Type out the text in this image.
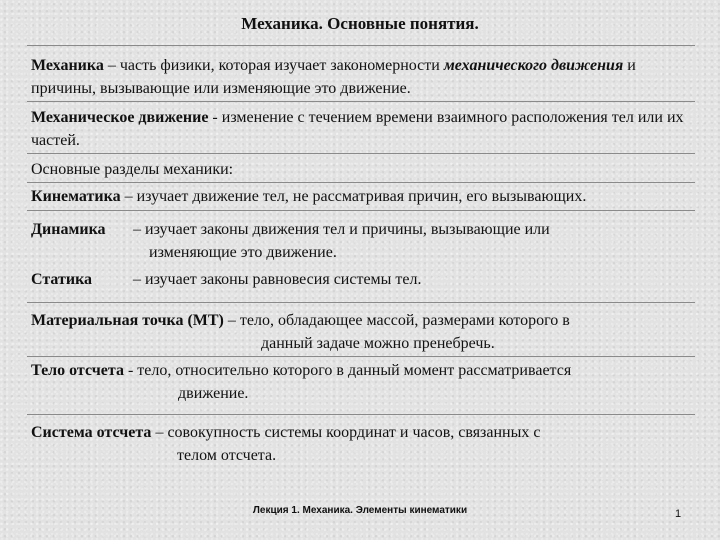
Механика. Основные понятия.
Механика – часть физики, которая изучает закономерности механического движения и причины, вызывающие или изменяющие это движение.
Механическое движение - изменение с течением времени взаимного расположения тел или их частей.
Основные разделы механики:
Кинематика – изучает движение тел, не рассматривая причин, его вызывающих.
Динамика – изучает законы движения тел и причины, вызывающие или
изменяющие это движение.
Статика	– изучает законы равновесия системы тел.
Материальная точка (МТ) – тело, обладающее массой, размерами которого в
данный задаче можно пренебречь.
Тело отсчета - тело, относительно которого в данный момент рассматривается
движение.
Система отсчета – совокупность системы координат и часов, связанных с
телом отсчета.
Лекция 1. Механика. Элементы кинематики	1
